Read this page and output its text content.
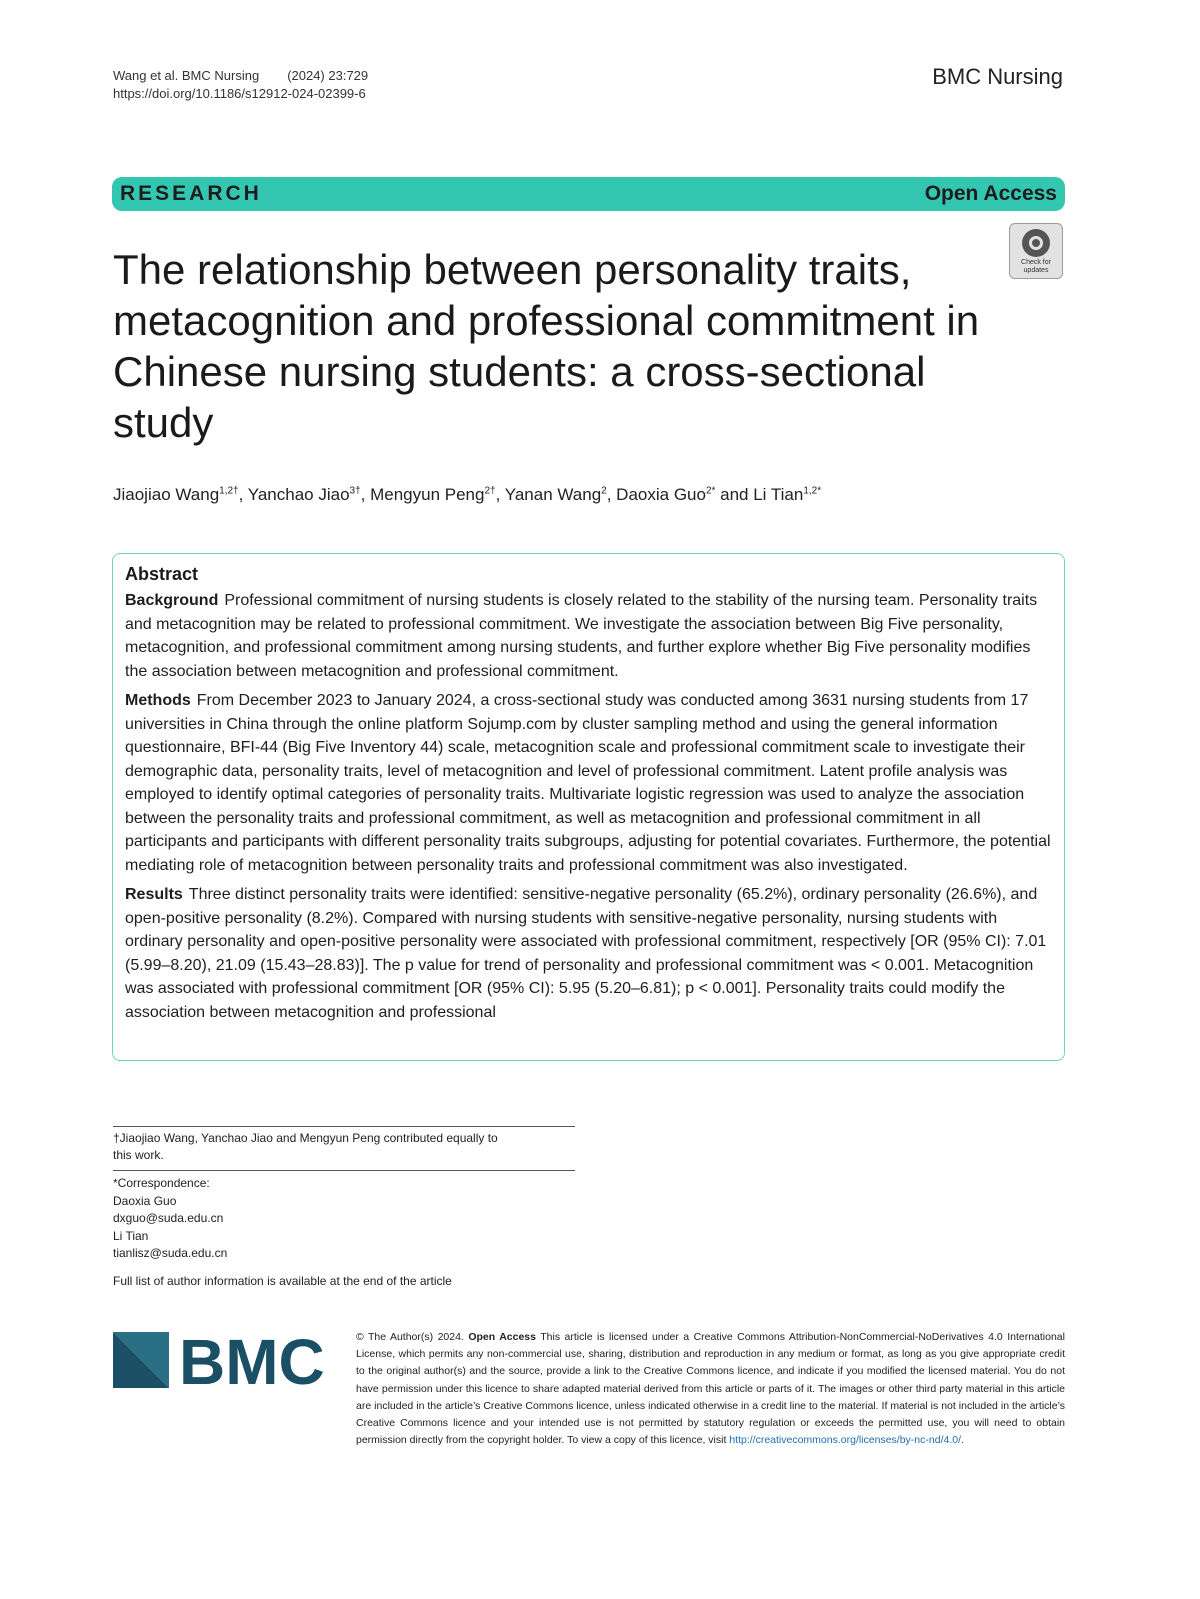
Wang et al. BMC Nursing (2024) 23:729
https://doi.org/10.1186/s12912-024-02399-6
BMC Nursing
RESEARCH	Open Access
Check for updates
The relationship between personality traits, metacognition and professional commitment in Chinese nursing students: a cross-sectional study
Jiaojiao Wang$^{1,2\dagger}$, Yanchao Jiao$^{3\dagger}$, Mengyun Peng$^{2\dagger}$, Yanan Wang$^2$, Daoxia Guo$^{2*}$ and Li Tian$^{1,2*}$
Abstract

Background Professional commitment of nursing students is closely related to the stability of the nursing team. Personality traits and metacognition may be related to professional commitment. We investigate the association between Big Five personality, metacognition, and professional commitment among nursing students, and further explore whether Big Five personality modifies the association between metacognition and professional commitment.

Methods From December 2023 to January 2024, a cross-sectional study was conducted among 3631 nursing students from 17 universities in China through the online platform Sojump.com by cluster sampling method and using the general information questionnaire, BFI-44 (Big Five Inventory 44) scale, metacognition scale and professional commitment scale to investigate their demographic data, personality traits, level of metacognition and level of professional commitment. Latent profile analysis was employed to identify optimal categories of personality traits. Multivariate logistic regression was used to analyze the association between the personality traits and professional commitment, as well as metacognition and professional commitment in all participants and participants with different personality traits subgroups, adjusting for potential covariates. Furthermore, the potential mediating role of metacognition between personality traits and professional commitment was also investigated.

Results Three distinct personality traits were identified: sensitive-negative personality (65.2%), ordinary personality (26.6%), and open-positive personality (8.2%). Compared with nursing students with sensitive-negative personality, nursing students with ordinary personality and open-positive personality were associated with professional commitment, respectively [OR (95% CI): 7.01 (5.99–8.20), 21.09 (15.43–28.83)]. The p value for trend of personality and professional commitment was < 0.001. Metacognition was associated with professional commitment [OR (95% CI): 5.95 (5.20–6.81); p < 0.001]. Personality traits could modify the association between metacognition and professional

†Jiaojiao Wang, Yanchao Jiao and Mengyun Peng contributed equally to this work.
*Correspondence:
Daoxia Guo
dxguo@suda.edu.cn
Li Tian
tianlisz@suda.edu.cn
Full list of author information is available at the end of the article
BMC	© The Author(s) 2024. Open Access This article is licensed under a Creative Commons Attribution-NonCommercial-NoDerivatives 4.0 International License, which permits any non-commercial use, sharing, distribution and reproduction in any medium or format, as long as you give appropriate credit to the original author(s) and the source, provide a link to the Creative Commons licence, and indicate if you modified the licensed material. You do not have permission under this licence to share adapted material derived from this article or parts of it. The images or other third party material in this article are included in the article’s Creative Commons licence, unless indicated otherwise in a credit line to the material. If material is not included in the article’s Creative Commons licence and your intended use is not permitted by statutory regulation or exceeds the permitted use, you will need to obtain permission directly from the copyright holder. To view a copy of this licence, visit http://creativecommons.org/licenses/by-nc-nd/4.0/.
